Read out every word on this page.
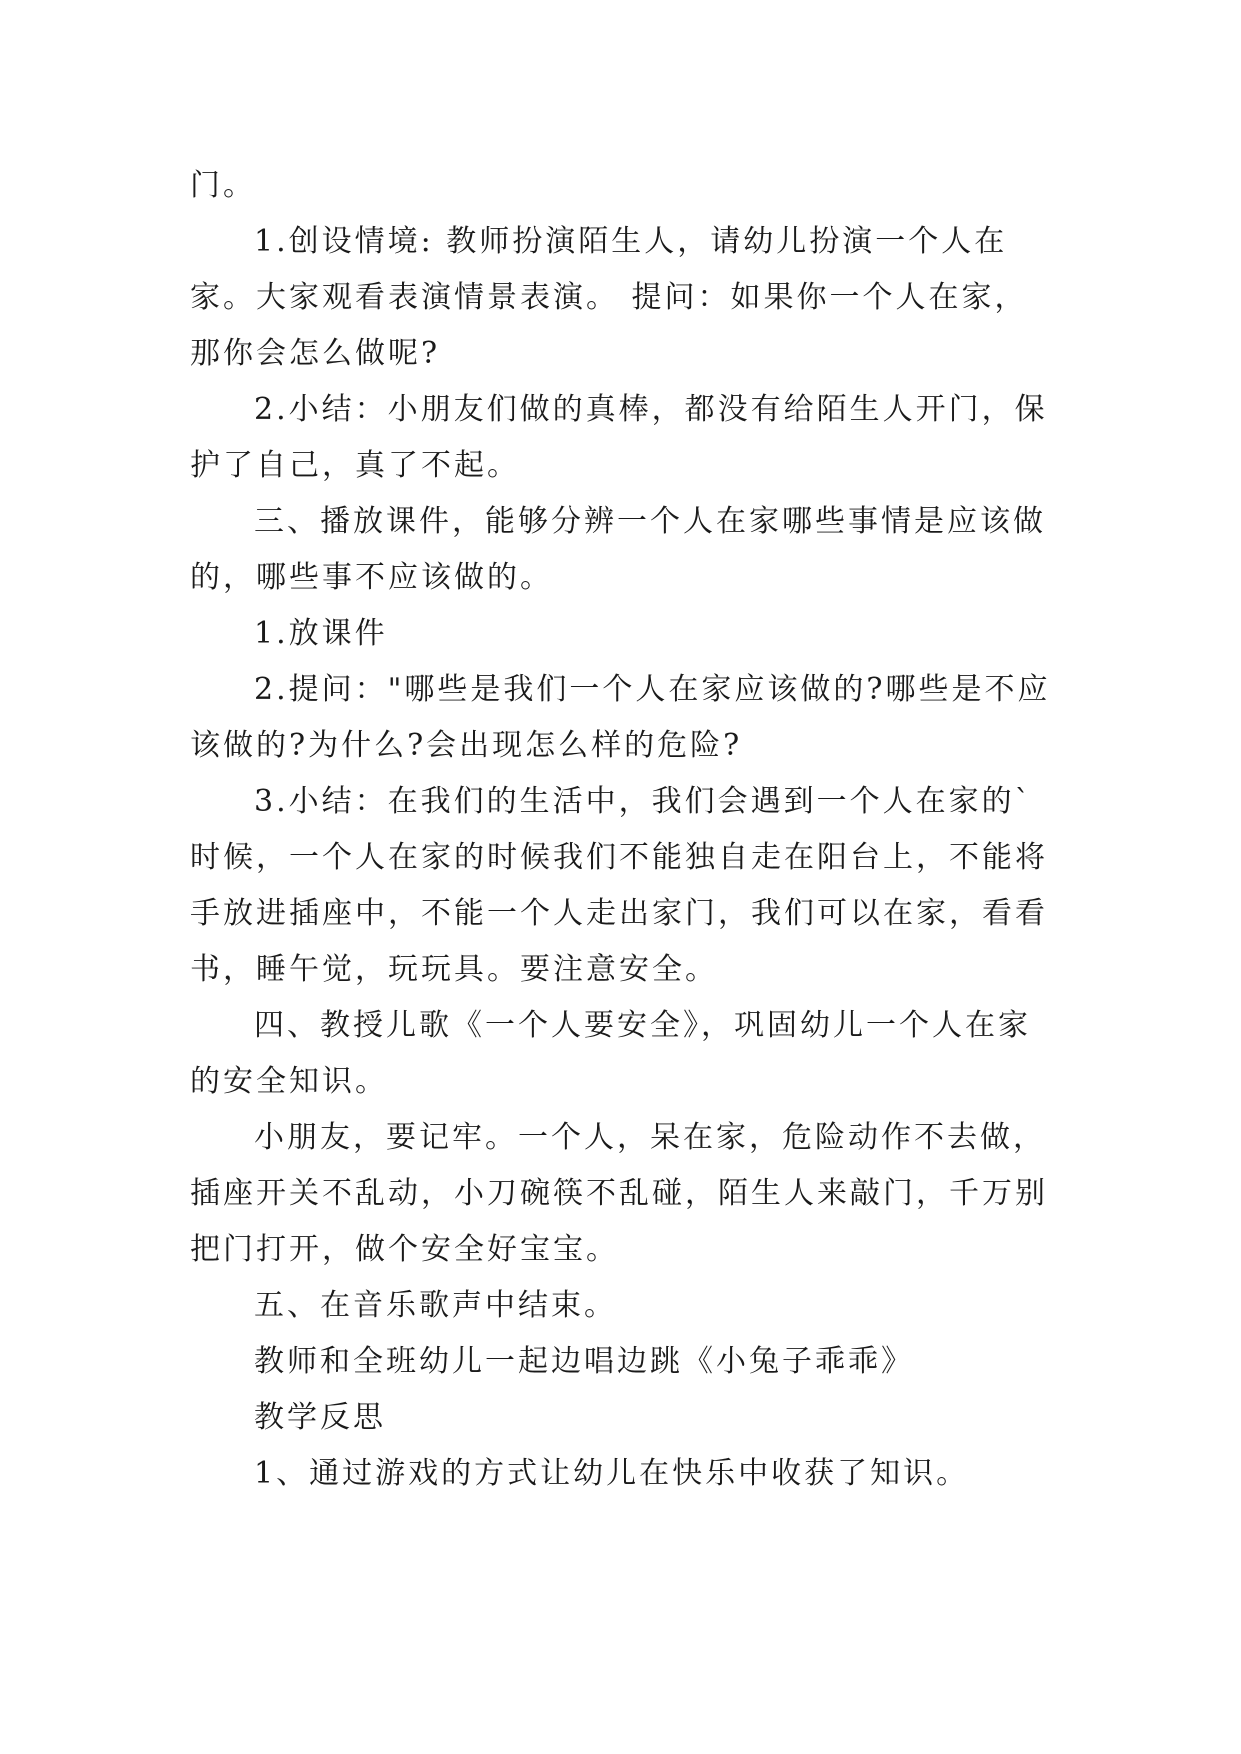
门。

1.创设情境: 教师扮演陌生人，请幼儿扮演一个人在家。大家观看表演情景表演。 提问：如果你一个人在家，那你会怎么做呢?

2.小结：小朋友们做的真棒，都没有给陌生人开门，保护了自己，真了不起。

三、播放课件，能够分辨一个人在家哪些事情是应该做的，哪些事不应该做的。

1.放课件

2.提问："哪些是我们一个人在家应该做的?哪些是不应该做的?为什么?会出现怎么样的危险?

3.小结：在我们的生活中，我们会遇到一个人在家的`时候，一个人在家的时候我们不能独自走在阳台上，不能将手放进插座中，不能一个人走出家门，我们可以在家，看看书，睡午觉，玩玩具。要注意安全。

四、教授儿歌《一个人要安全》，巩固幼儿一个人在家的安全知识。

小朋友，要记牢。一个人，呆在家，危险动作不去做，插座开关不乱动，小刀碗筷不乱碰，陌生人来敲门，千万别把门打开，做个安全好宝宝。

五、在音乐歌声中结束。

教师和全班幼儿一起边唱边跳《小兔子乖乖》

教学反思

1、通过游戏的方式让幼儿在快乐中收获了知识。
